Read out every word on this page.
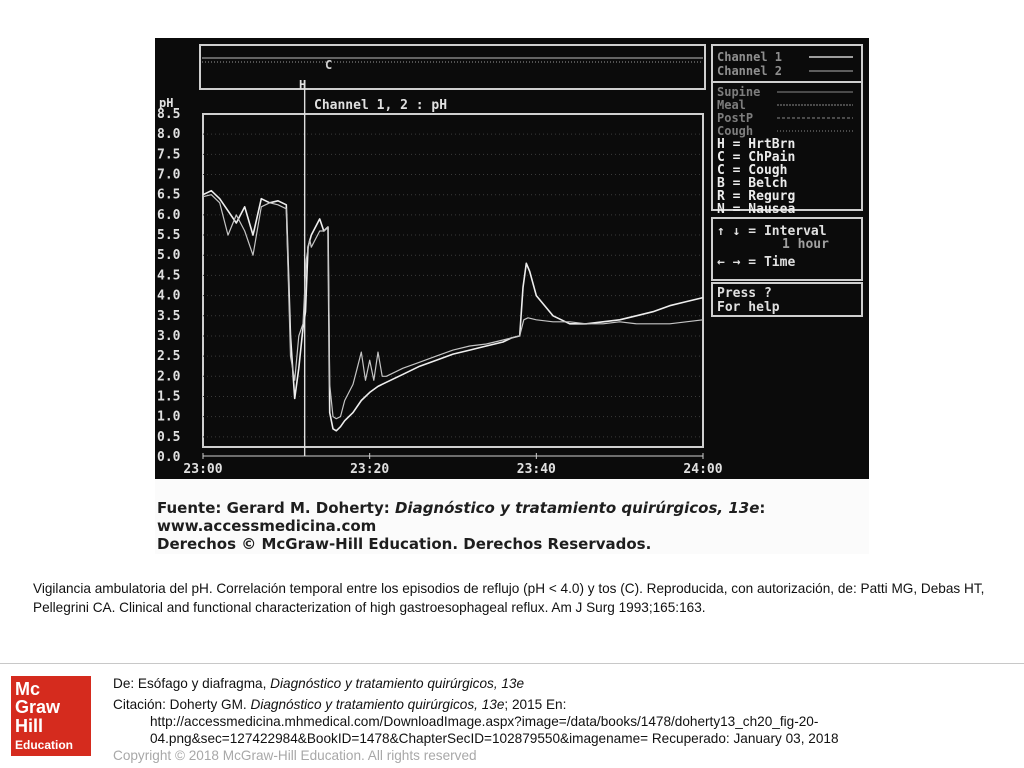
C
H
pH	Channel 1, 2 : pH
8.5
8.0
7.5
7.0
6.5
6.0
5.5
5.0
4.5
4.0
3.5
3.0
2.5
2.0
1.5
1.0
0.5
0.0
23:00	23:20	23:40	24:00
Channel 1
Channel 2
Supine
Meal
PostP
Cough
H = HrtBrn
C = ChPain
C = Cough
B = Belch
R = Regurg
N = Nausea
↑ ↓ = Interval
1 hour
← → = Time
Press ?
For help
Fuente: Gerard M. Doherty: Diagnóstico y tratamiento quirúrgicos, 13e:
www.accessmedicina.com
Derechos © McGraw-Hill Education. Derechos Reservados.
Vigilancia ambulatoria del pH. Correlación temporal entre los episodios de reflujo (pH < 4.0) y tos (C). Reproducida, con autorización, de: Patti MG, Debas HT, Pellegrini CA. Clinical and functional characterization of high gastroesophageal reflux. Am J Surg 1993;165:163.
Mc
Graw
Hill
Education
De: Esófago y diafragma, Diagnóstico y tratamiento quirúrgicos, 13e
Citación: Doherty GM. Diagnóstico y tratamiento quirúrgicos, 13e; 2015 En:
http://accessmedicina.mhmedical.com/DownloadImage.aspx?image=/data/books/1478/doherty13_ch20_fig-20-
04.png&sec=127422984&BookID=1478&ChapterSecID=102879550&imagename= Recuperado: January 03, 2018
Copyright © 2018 McGraw-Hill Education. All rights reserved
